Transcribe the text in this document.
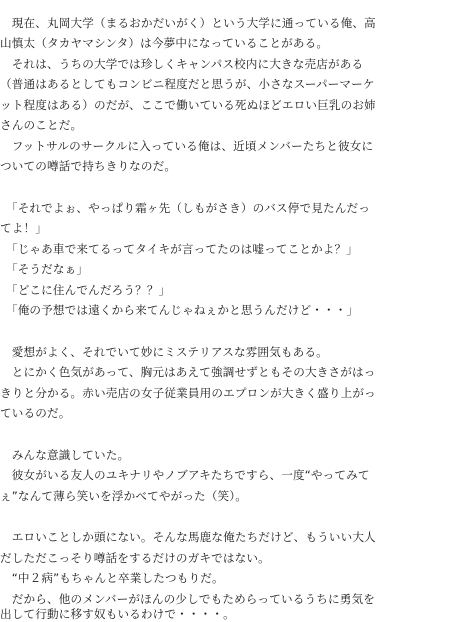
　現在、丸岡大学（まるおかだいがく）という大学に通っている俺、高
山慎太（タカヤマシンタ）は今夢中になっていることがある。
　それは、うちの大学では珍しくキャンパス校内に大きな売店がある
（普通はあるとしてもコンビニ程度だと思うが、小さなスーパーマーケ
ット程度はある）のだが、ここで働いている死ぬほどエロい巨乳のお姉
さんのことだ。
　フットサルのサークルに入っている俺は、近頃メンバーたちと彼女に
ついての噂話で持ちきりなのだ。
　「それでよぉ、やっぱり霜ヶ先（しもがさき）のバス停で見たんだっ
てよ！」
　「じゃあ車で来てるってタイキが言ってたのは嘘ってことかよ？」
　「そうだなぁ」
　「どこに住んでんだろう？？」
　「俺の予想では遠くから来てんじゃねぇかと思うんだけど・・・」
　愛想がよく、それでいて妙にミステリアスな雰囲気もある。
　とにかく色気があって、胸元はあえて強調せずともその大きさがはっ
きりと分かる。赤い売店の女子従業員用のエプロンが大きく盛り上がっ
ているのだ。
　みんな意識していた。
　彼女がいる友人のユキナリやノブアキたちですら、一度“やってみて
ぇ”なんて薄ら笑いを浮かべてやがった（笑）。
　エロいことしか頭にない。そんな馬鹿な俺たちだけど、もういい大人
だしただこっそり噂話をするだけのガキではない。
　“中２病”もちゃんと卒業したつもりだ。
　だから、他のメンバーがほんの少しでもためらっているうちに勇気を
出して行動に移す奴もいるわけで・・・・。
